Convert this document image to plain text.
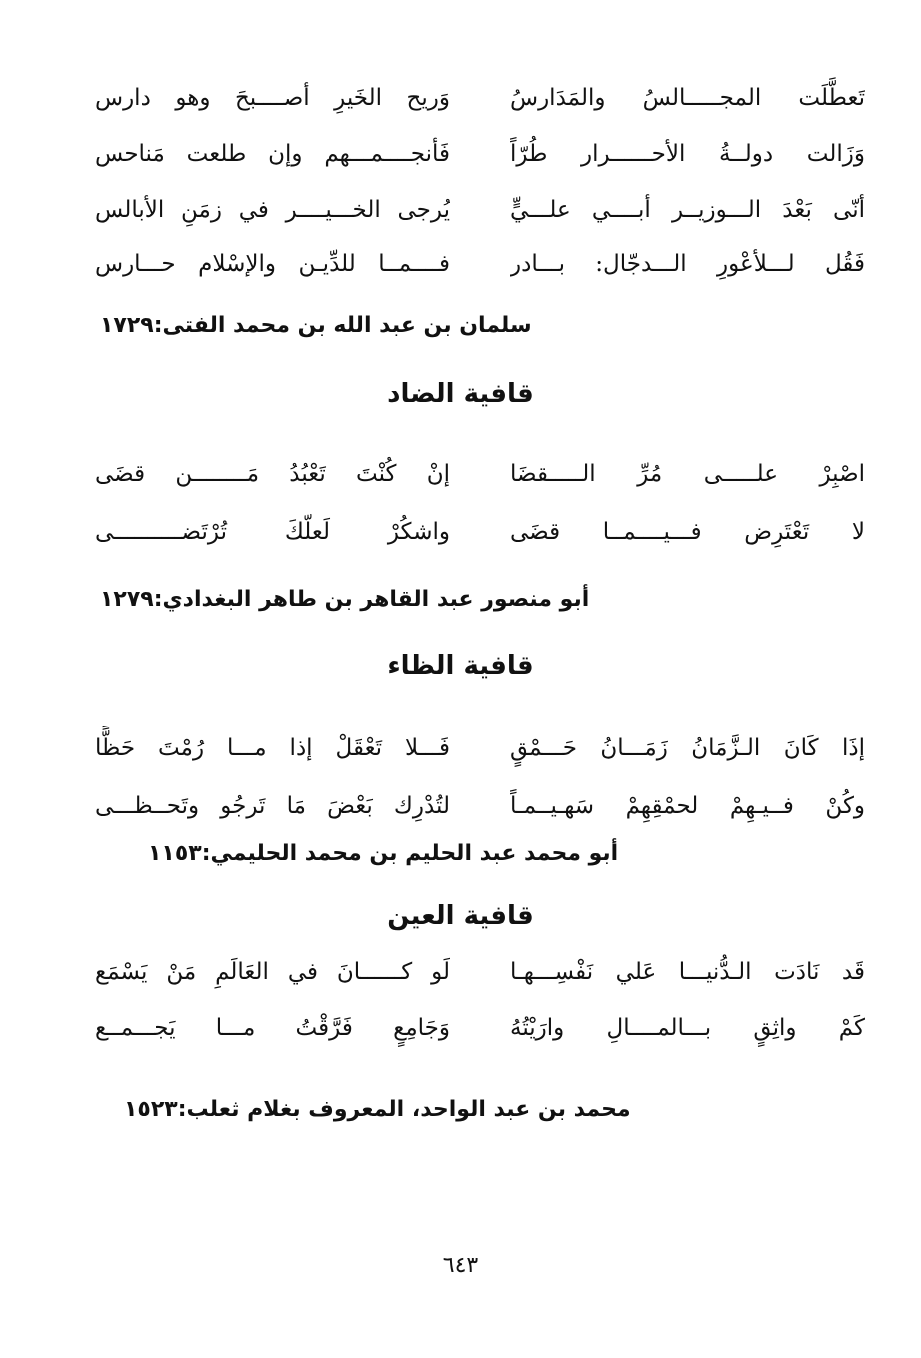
تَعطَّلَت المجـــــالسُ والمَدَارسُ
وَريح الخَيرِ أصــــبحَ وهو دارس
وَزَالت دولــةُ الأحــــــرار طُرّاً
فَأنجــــمـــهم وإن طلعت مَناحس
أنّى بَعْدَ الـــوزيــر أبــــي علـــيٍّ
يُرجى الخـــيــــر في زمَنِ الأبالس
فَقُل لـــلأعْورِ الـــدجّال: بـــادر
فــــمــا للدِّيـن والإسْلام حـــارس
سلمان بن عبد الله بن محمد الفتى:١٧٢٩
قافية الضاد
اصْبِرْ علـــــى مُرِّ الـــــقضَا
إنْ كُنْتَ تَعْبُدُ مَــــــــن قضَى
لا تَعْتَرِض فـــيــــمــا قضَى
واشكُرْ لَعلّكَ تُرْتَضــــــــــى
أبو منصور عبد القاهر بن طاهر البغدادي:١٢٧٩
قافية الظاء
إذَا كَانَ الـزَّمَانُ زَمَـــانُ حَـــمْقٍ
فَـــلا تَعْقَلْ إذا مـــا رُمْتَ حَظًّا
وكُنْ فــيـهِمْ لحمْقِهِمْ سَهـيــمـاً
لتُدْرِك بَعْضَ مَا تَرجُو وتَحــظـــى
أبو محمد عبد الحليم بن محمد الحليمي:١١٥٣
قافية العين
قَد نَادَت الـدُّنيـــا عَلي نَفْسِـــهـا
لَو كــــــانَ في العَالَمِ مَنْ يَسْمَع
كَمْ واثِقٍ بـــالمــــالِ وارَيْتُهُ
وَجَامِعٍ فَرَّقْتُ مـــا يَجـــمــع
محمد بن عبد الواحد، المعروف بغلام ثعلب:١٥٢٣
٦٤٣
